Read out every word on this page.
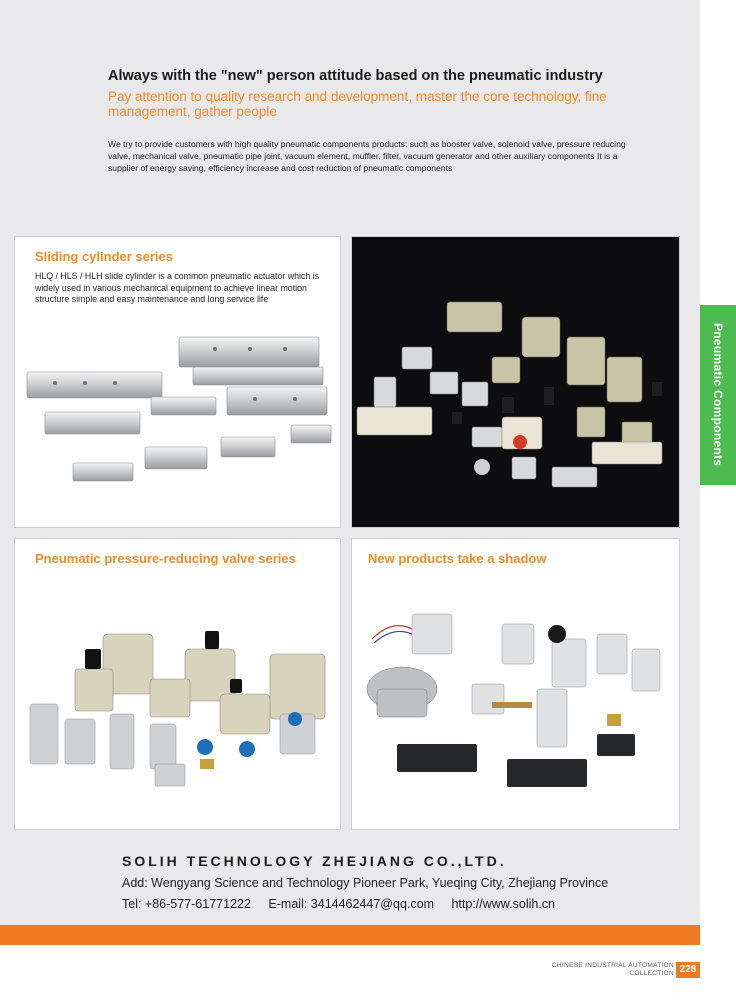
Pneumatic Components
Always with the "new" person attitude based on the pneumatic industry
Pay attention to quality research and development, master the core technology, fine management, gather people
We try to provide customers with high quality pneumatic components products: such as booster valve, solenoid valve, pressure reducing valve, mechanical valve, pneumatic pipe joint, vacuum element, muffler, filter, vacuum generator and other auxiliary components It is a supplier of energy saving, efficiency increase and cost reduction of pneumatic components
Sliding cylinder series
HLQ / HLS / HLH slide cylinder is a common pneumatic actuator which is widely used in various mechanical equipment to achieve linear motion structure simple and easy maintenance and long service life
Pneumatic pressure-reducing valve series	New products take a shadow
SOLIH TECHNOLOGY ZHEJIANG CO.,LTD.
Add: Wengyang Science and Technology Pioneer Park, Yueqing City, Zhejiang Province
Tel: +86-577-61771222 E-mail: 3414462447@qq.com http://www.solih.cn
CHINESE INDUSTRIAL AUTOMATION
COLLECTION 228
